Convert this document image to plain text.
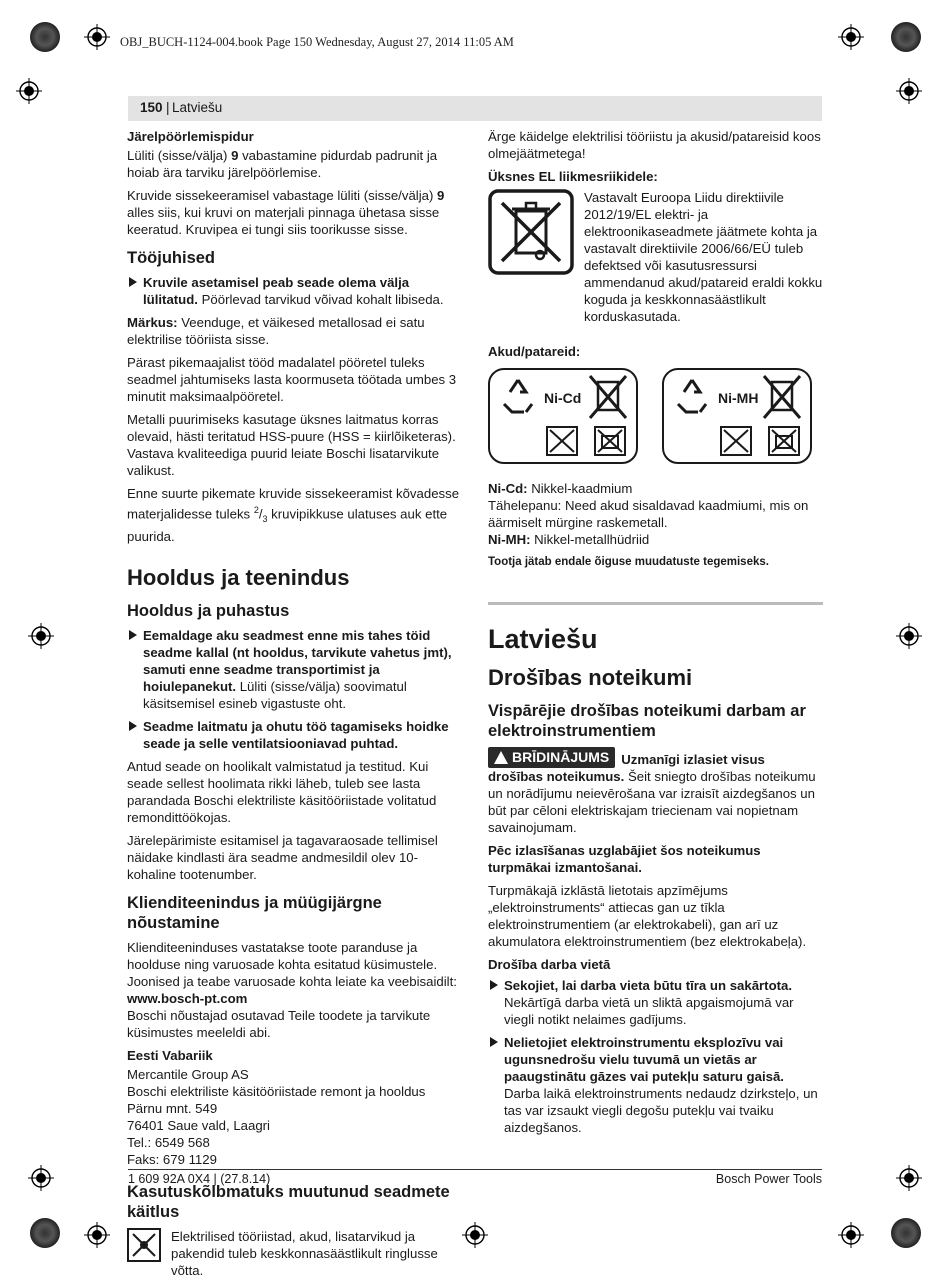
OBJ_BUCH-1124-004.book Page 150 Wednesday, August 27, 2014 11:05 AM
150 | Latviešu

Järelpöörlemispidur

Lüliti (sisse/välja) 9 vabastamine pidurdab padrunit ja hoiab ära tarviku järelpöörlemise.

Kruvide sissekeeramisel vabastage lüliti (sisse/välja) 9 alles siis, kui kruvi on materjali pinnaga ühetasa sisse keeratud. Kruvipea ei tungi siis toorikusse sisse.

Tööjuhised
Kruvile asetamisel peab seade olema välja lülitatud. Pöörlevad tarvikud võivad kohalt libiseda.

Märkus: Veenduge, et väikesed metallosad ei satu elektrilise tööriista sisse.

Pärast pikemaajalist tööd madalatel pööretel tuleks seadmel jahtumiseks lasta koormuseta töötada umbes 3 minutit maksimaalpööretel.

Metalli puurimiseks kasutage üksnes laitmatus korras olevaid, hästi teritatud HSS-puure (HSS = kiirlõiketeras). Vastava kvaliteediga puurid leiate Boschi lisatarvikute valikust.

Enne suurte pikemate kruvide sissekeeramist kõvadesse materjalidesse tuleks $^2/_3$ kruvipikkuse ulatuses auk ette puurida.

Hooldus ja teenindus
Hooldus ja puhastus
Eemaldage aku seadmest enne mis tahes töid seadme kallal (nt hooldus, tarvikute vahetus jmt), samuti enne seadme transportimist ja hoiulepanekut. Lüliti (sisse/välja) soovimatul käsitsemisel esineb vigastuste oht.
Seadme laitmatu ja ohutu töö tagamiseks hoidke seade ja selle ventilatsiooniavad puhtad.

Antud seade on hoolikalt valmistatud ja testitud. Kui seade sellest hoolimata rikki läheb, tuleb see lasta parandada Boschi elektriliste käsitööriistade volitatud remondittöökojas.

Järelepärimiste esitamisel ja tagavaraosade tellimisel näidake kindlasti ära seadme andmesildil olev 10-kohaline tootenumber.

Klienditeenindus ja müügijärgne nõustamine

Klienditeeninduses vastatakse toote paranduse ja hoolduse ning varuosade kohta esitatud küsimustele. Joonised ja teabe varuosade kohta leiate ka veebisaidilt:

www.bosch-pt.com

Boschi nõustajad osutavad Teile toodete ja tarvikute küsimustes meeleldi abi.

Eesti Vabariik

Mercantile Group AS

Boschi elektriliste käsitööriistade remont ja hooldus

Pärnu mnt. 549

76401 Saue vald, Laagri

Tel.: 6549 568

Faks: 679 1129

Kasutuskõlbmatuks muutunud seadmete käitlus
Elektrilised tööriistad, akud, lisatarvikud ja pakendid tuleb keskkonnasäästlikult ringlusse võtta.

Ärge käidelge elektrilisi tööriistu ja akusid/patareisid koos olmejäätmetega!

Üksnes EL liikmesriikidele:

Vastavalt Euroopa Liidu direktiivile 2012/19/EL elektri- ja elektroonikaseadmete jäätmete kohta ja vastavalt direktiivile 2006/66/EÜ tuleb defektsed või kasutusressursi ammendanud akud/patareid eraldi kokku koguda ja keskkonnasäästlikult korduskasutada.

Akud/patareid:

Ni-Cd	Ni-MH

Ni-Cd: Nikkel-kaadmium

Tähelepanu: Need akud sisaldavad kaadmiumi, mis on äärmiselt mürgine raskemetall.

Ni-MH: Nikkel-metallhüdriid

Tootja jätab endale õiguse muudatuste tegemiseks.

Latviešu
Drošības noteikumi
Vispārējie drošības noteikumi darbam ar elektroinstrumentiem

BRĪDINĀJUMS Uzmanīgi izlasiet visus drošības noteikumus. Šeit sniegto drošības noteikumu un norādījumu neievērošana var izraisīt aizdegšanos un būt par cēloni elektriskajam triecienam vai nopietnam savainojumam.

Pēc izlasīšanas uzglabājiet šos noteikumus turpmākai izmantošanai.

Turpmākajā izklāstā lietotais apzīmējums „elektroinstruments“ attiecas gan uz tīkla elektroinstrumentiem (ar elektrokabeli), gan arī uz akumulatora elektroinstrumentiem (bez elektrokabeļa).

Drošība darba vietā

Sekojiet, lai darba vieta būtu tīra un sakārtota. Nekārtīgā darba vietā un sliktā apgaismojumā var viegli notikt nelaimes gadījums.
Nelietojiet elektroinstrumentu eksplozīvu vai ugunsnedrošu vielu tuvumā un vietās ar paaugstinātu gāzes vai putekļu saturu gaisā. Darba laikā elektroinstruments nedaudz dzirksteļo, un tas var izsaukt viegli degošu putekļu vai tvaiku aizdegšanos.
1 609 92A 0X4 | (27.8.14)	Bosch Power Tools
